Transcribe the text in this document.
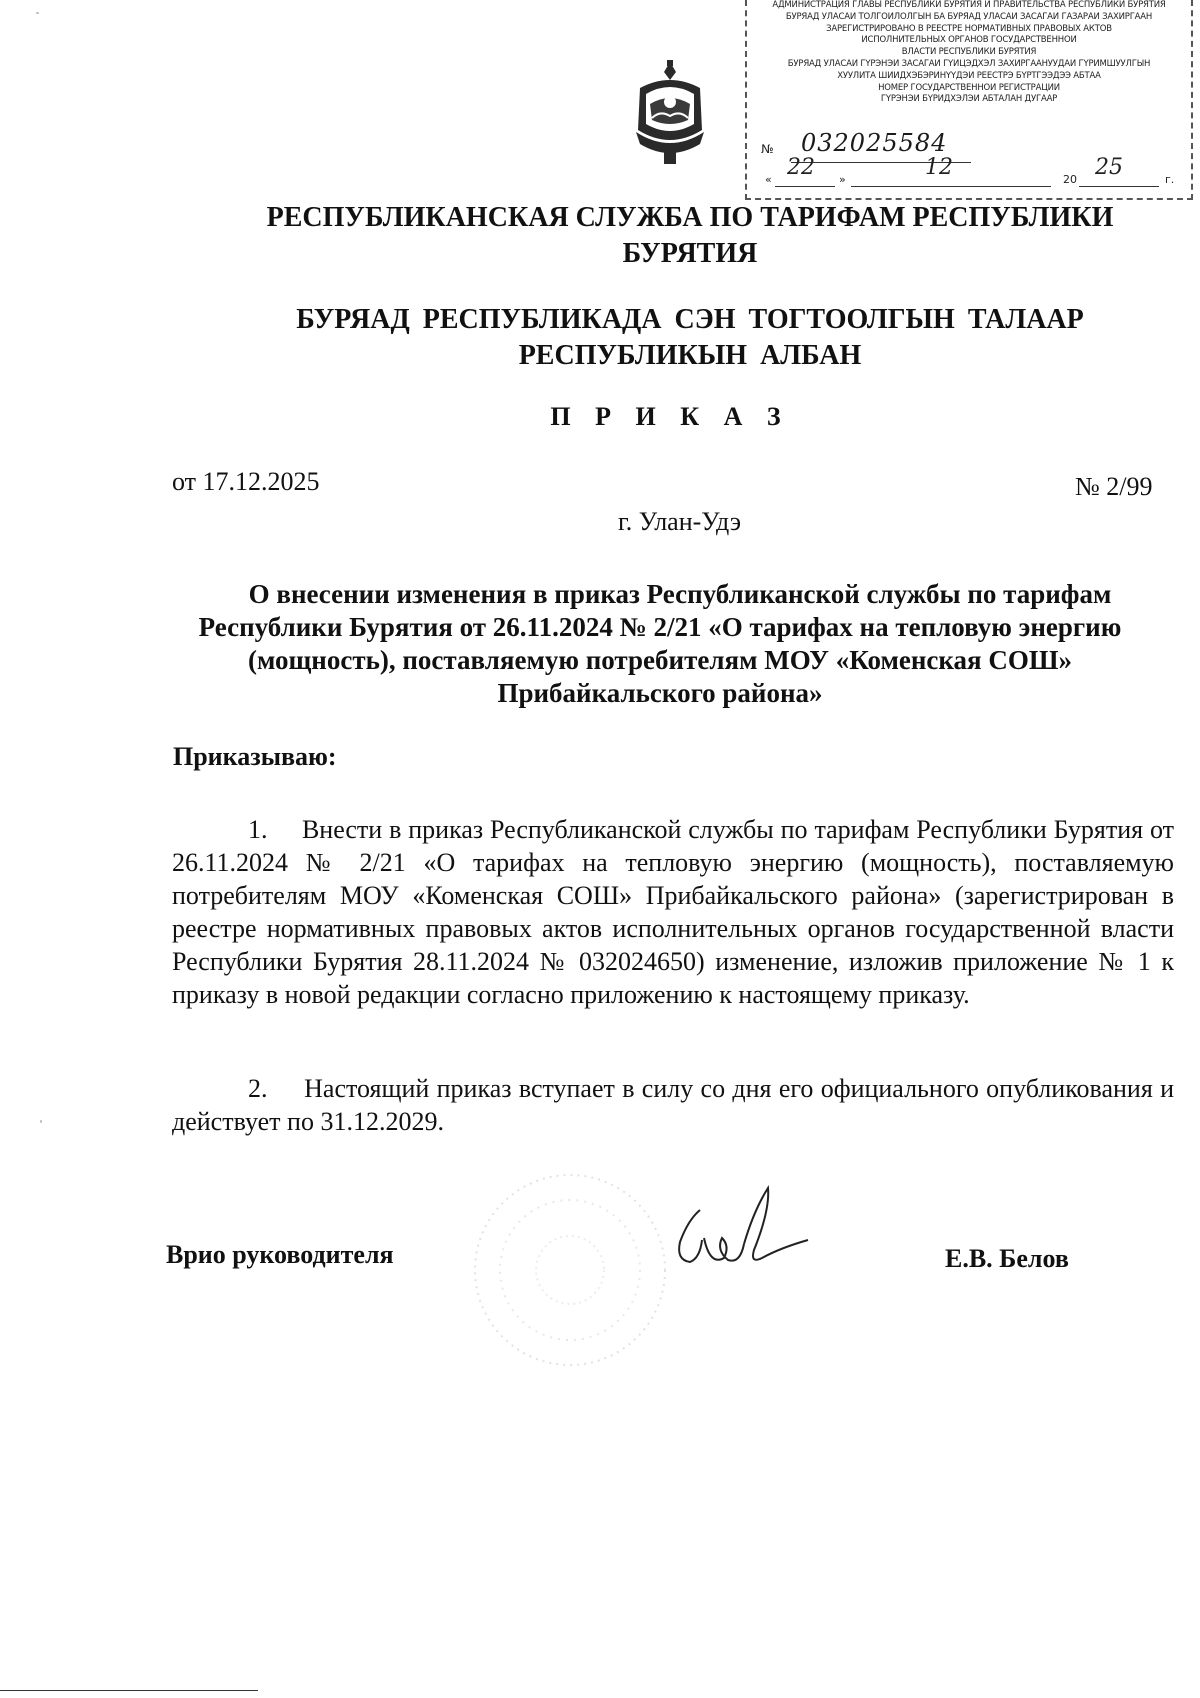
АДМИНИСТРАЦИЯ ГЛАВЫ РЕСПУБЛИКИ БУРЯТИЯ И ПРАВИТЕЛЬСТВА РЕСПУБЛИКИ БУРЯТИЯ
БУРЯАД УЛАСАЙ ТОЛГОЙЛОЛГЫН БА БУРЯАД УЛАСАЙ ЗАСАГАЙ ГАЗАРАЙ ЗАХИРГААН
ЗАРЕГИСТРИРОВАНО В РЕЕСТРЕ НОРМАТИВНЫХ ПРАВОВЫХ АКТОВ
ИСПОЛНИТЕЛЬНЫХ ОРГАНОВ ГОСУДАРСТВЕННОЙ
ВЛАСТИ РЕСПУБЛИКИ БУРЯТИЯ
БУРЯАД УЛАСАЙ ГҮРЭНЭЙ ЗАСАГАЙ ГҮЙЦЭДХЭЛ ЗАХИРГААНУУДАЙ ГҮРИМШУУЛГЫН
ХУУЛИТА ШИИДХЭБЭРИНҮҮДЭЙ РЕЕСТРЭ БҮРТГЭЭДЭЭ АБТАА
НОМЕР ГОСУДАРСТВЕННОЙ РЕГИСТРАЦИИ
ГҮРЭНЭЙ БҮРИДХЭЛЭЙ АБТАЛАН ДУГААР
№ 032025584
« 22 »	12	20 25	г.
РЕСПУБЛИКАНСКАЯ СЛУЖБА ПО ТАРИФАМ РЕСПУБЛИКИ
БУРЯТИЯ
БУРЯАД РЕСПУБЛИКАДА СЭН ТОГТООЛГЫН ТАЛААР
РЕСПУБЛИКЫН АЛБАН
П Р И К А З
от 17.12.2025	№ 2/99
г. Улан-Удэ
О внесении изменения в приказ Республиканской службы по тарифам
Республики Бурятия от 26.11.2024 № 2/21 «О тарифах на тепловую энергию
(мощность), поставляемую потребителям МОУ «Коменская СОШ»
Прибайкальского района»
Приказываю:
1. Внести в приказ Республиканской службы по тарифам Республики Бурятия от 26.11.2024 № 2/21 «О тарифах на тепловую энергию (мощность), поставляемую потребителям МОУ «Коменская СОШ» Прибайкальского района» (зарегистрирован в реестре нормативных правовых актов исполнительных органов государственной власти Республики Бурятия 28.11.2024 № 032024650) изменение, изложив приложение № 1 к приказу в новой редакции согласно приложению к настоящему приказу.
2. Настоящий приказ вступает в силу со дня его официального опубликования и действует по 31.12.2029.
Врио руководителя	Е.В. Белов
